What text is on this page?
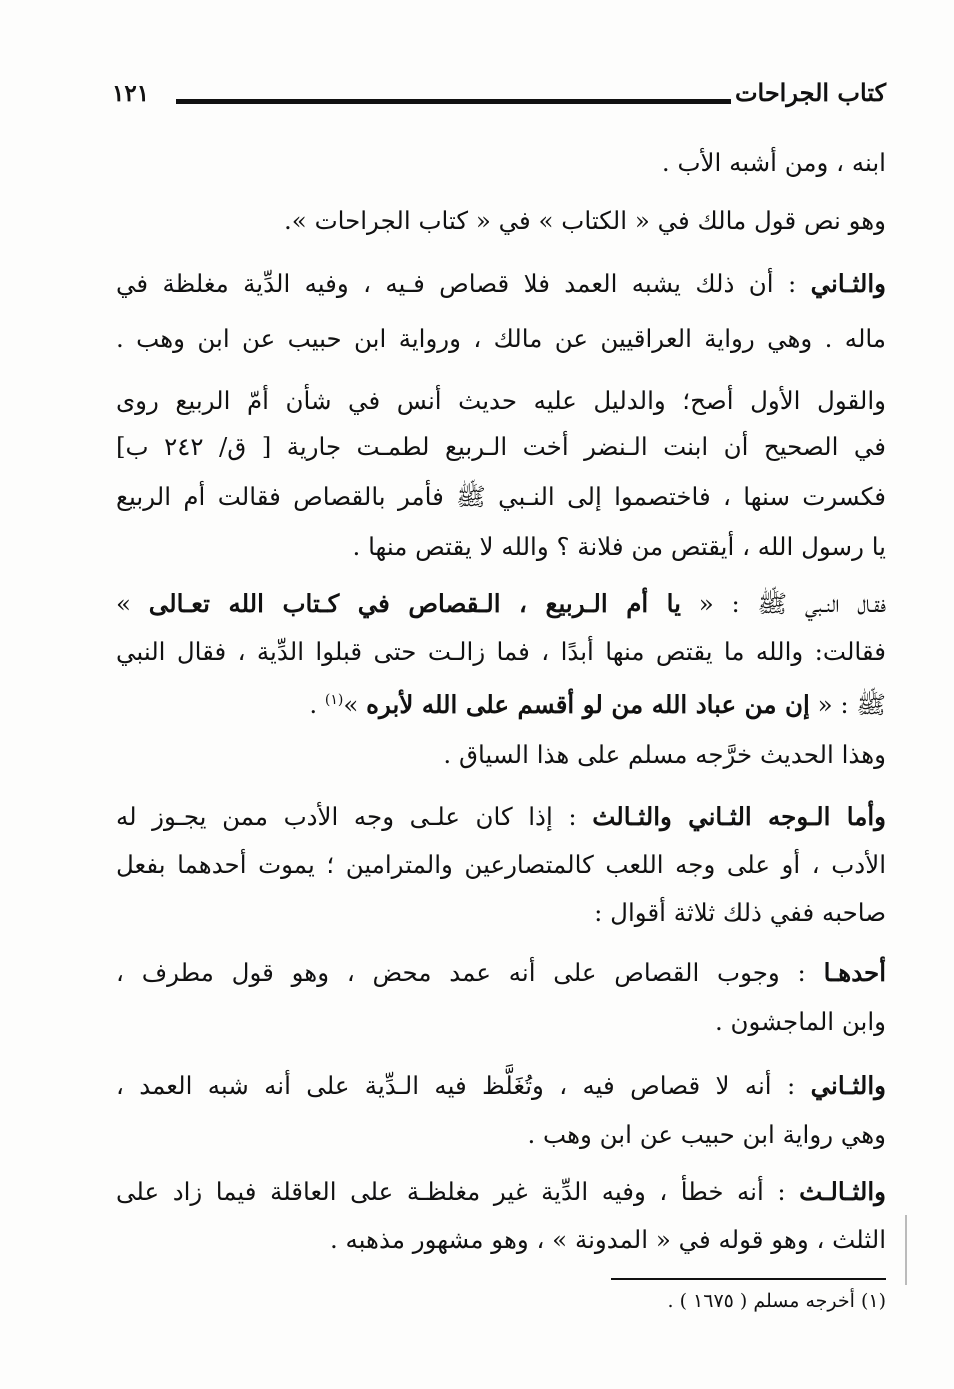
كتاب الجراحات
١٢١
ابنه ، ومن أشبه الأب .
وهو نص قول مالك في « الكتاب » في « كتاب الجراحات ».
والثـاني : أن ذلك يشبه العمد فلا قصاص فـيه ، وفيه الدِّية مغلظة في
ماله . وهي رواية العراقيين عن مالك ، ورواية ابن حبيب عن ابن وهب .
والقول الأول أصح؛ والدليل عليه حديث أنس في شأن أمّ الربيع روى
في الصحيح أن ابنت الـنضر أخت الـربيع لطمـت جارية [ ق/ ٢٤٢ ب]
فكسرت سنها ، فاختصموا إلى النـبي ﷺ فأمر بالقصاص فقالت أم الربيع
يا رسول الله ، أيقتص من فلانة ؟ والله لا يقتص منها .
فقـال النـبي ﷺ : « يا أم الـربيع ، الـقصاص في كـتاب الله تعـالى »
فقالت: والله ما يقتص منها أبدًا ، فما زالـت حتى قبلوا الدِّية ، فقال النبي
ﷺ : « إن من عباد الله من لو أقسم على الله لأبره »$^{(١)}$ .
وهذا الحديث خرَّجه مسلم على هذا السياق .
وأما الـوجه الثـاني والثـالث : إذا كان علـى وجه الأدب ممن يجـوز له
الأدب ، أو على وجه اللعب كالمتصارعين والمترامين ؛ يموت أحدهما بفعل
صاحبه ففي ذلك ثلاثة أقوال :
أحدهـا : وجوب القصاص على أنه عمد محض ، وهو قول مطرف ،
وابن الماجشون .
والثـاني : أنه لا قصاص فيه ، وتُغَلَّظ فيه الـدِّية على أنه شبه العمد ،
وهي رواية ابن حبيب عن ابن وهب .
والثـالـث : أنه خطأ ، وفيه الدِّية غير مغلظـة على العاقلة فيما زاد على
الثلث ، وهو قوله في « المدونة » ، وهو مشهور مذهبه .
(١) أخرجه مسلم ( ١٦٧٥ ) .
